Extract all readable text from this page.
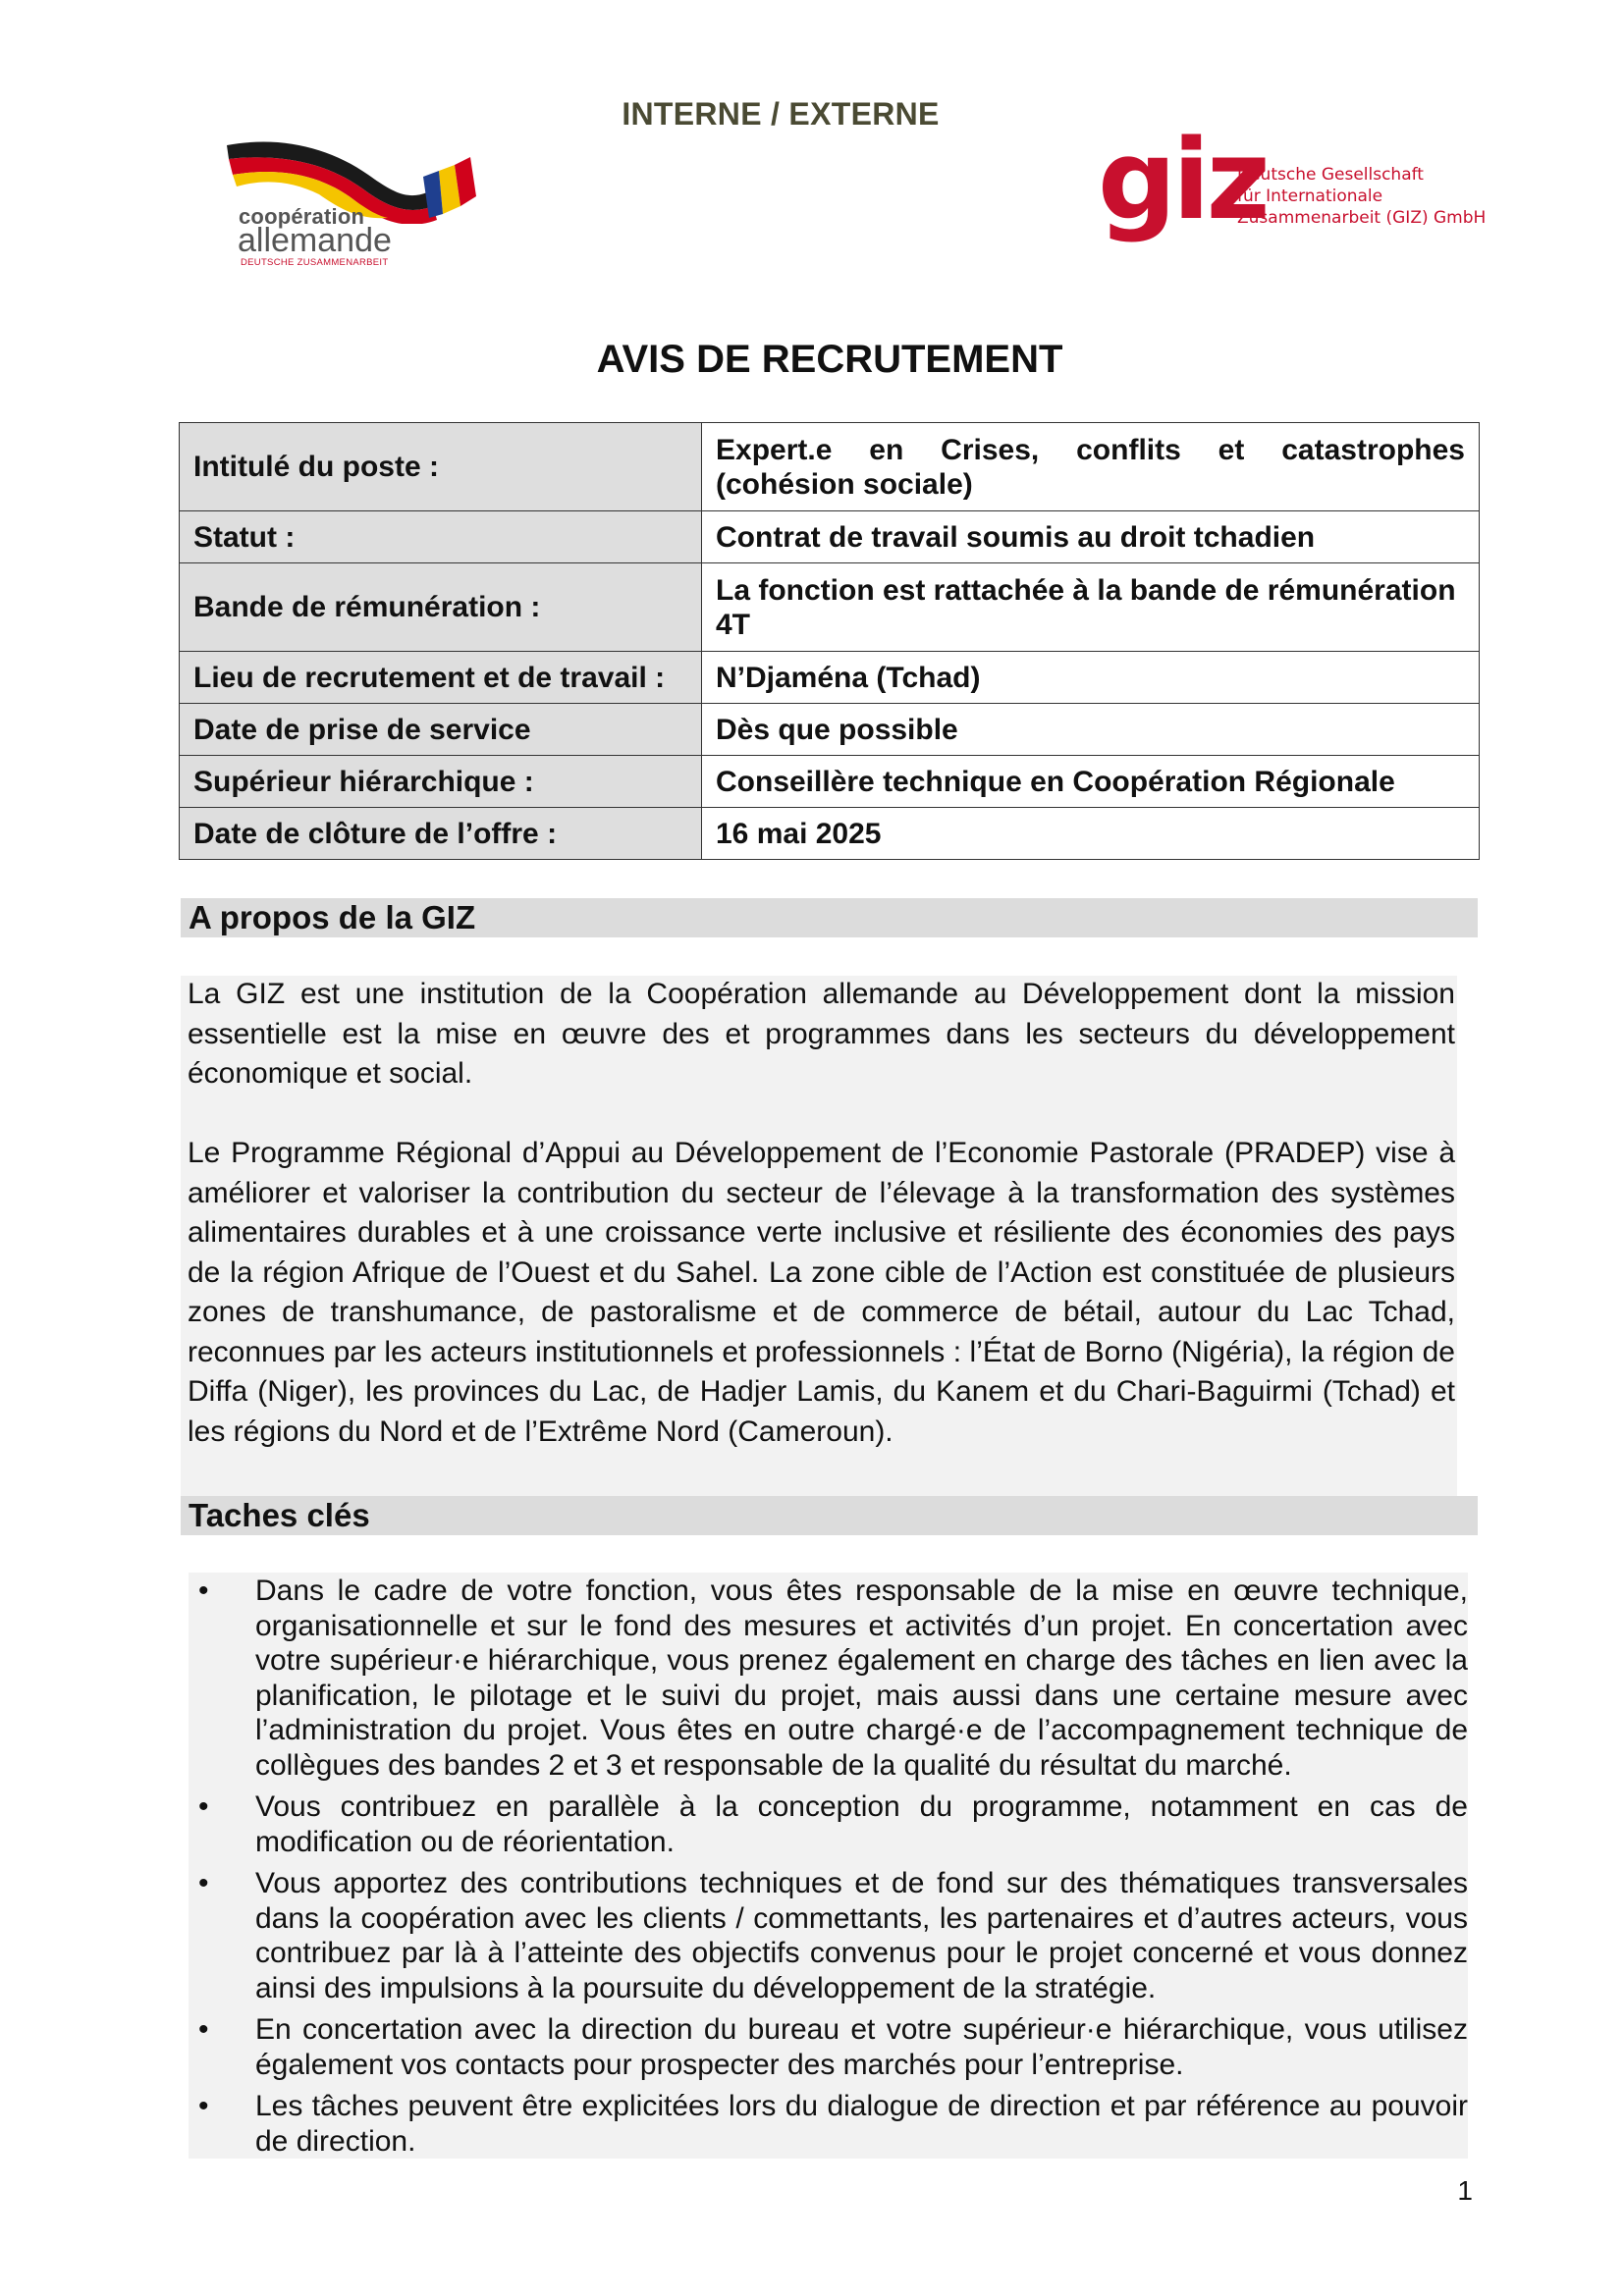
INTERNE / EXTERNE
coopération
allemande
DEUTSCHE ZUSAMMENARBEIT
giz
Deutsche Gesellschaft
für Internationale
Zusammenarbeit (GIZ) GmbH
AVIS DE RECRUTEMENT
Intitulé du poste :	Expert.e en Crises, conflits et catastrophes (cohésion sociale)
Statut :	Contrat de travail soumis au droit tchadien
Bande de rémunération :	La fonction est rattachée à la bande de rémunération 4T
Lieu de recrutement et de travail :	N’Djaména (Tchad)
Date de prise de service	Dès que possible
Supérieur hiérarchique :	Conseillère technique en Coopération Régionale
Date de clôture de l’offre :	16 mai 2025
A propos de la GIZ
La GIZ est une institution de la Coopération allemande au Développement dont la mission essentielle est la mise en œuvre des et programmes dans les secteurs du développement économique et social.
Le Programme Régional d’Appui au Développement de l’Economie Pastorale (PRADEP) vise à améliorer et valoriser la contribution du secteur de l’élevage à la transformation des systèmes alimentaires durables et à une croissance verte inclusive et résiliente des économies des pays de la région Afrique de l’Ouest et du Sahel. La zone cible de l’Action est constituée de plusieurs zones de transhumance, de pastoralisme et de commerce de bétail, autour du Lac Tchad, reconnues par les acteurs institutionnels et professionnels : l’État de Borno (Nigéria), la région de Diffa (Niger), les provinces du Lac, de Hadjer Lamis, du Kanem et du Chari-Baguirmi (Tchad) et les régions du Nord et de l’Extrême Nord (Cameroun).
Taches clés
• Dans le cadre de votre fonction, vous êtes responsable de la mise en œuvre technique, organisationnelle et sur le fond des mesures et activités d’un projet. En concertation avec votre supérieur·e hiérarchique, vous prenez également en charge des tâches en lien avec la planification, le pilotage et le suivi du projet, mais aussi dans une certaine mesure avec l’administration du projet. Vous êtes en outre chargé·e de l’accompagnement technique de collègues des bandes 2 et 3 et responsable de la qualité du résultat du marché.
• Vous contribuez en parallèle à la conception du programme, notamment en cas de modification ou de réorientation.
• Vous apportez des contributions techniques et de fond sur des thématiques transversales dans la coopération avec les clients / commettants, les partenaires et d’autres acteurs, vous contribuez par là à l’atteinte des objectifs convenus pour le projet concerné et vous donnez ainsi des impulsions à la poursuite du développement de la stratégie.
• En concertation avec la direction du bureau et votre supérieur·e hiérarchique, vous utilisez également vos contacts pour prospecter des marchés pour l’entreprise.
• Les tâches peuvent être explicitées lors du dialogue de direction et par référence au pouvoir de direction.
1
